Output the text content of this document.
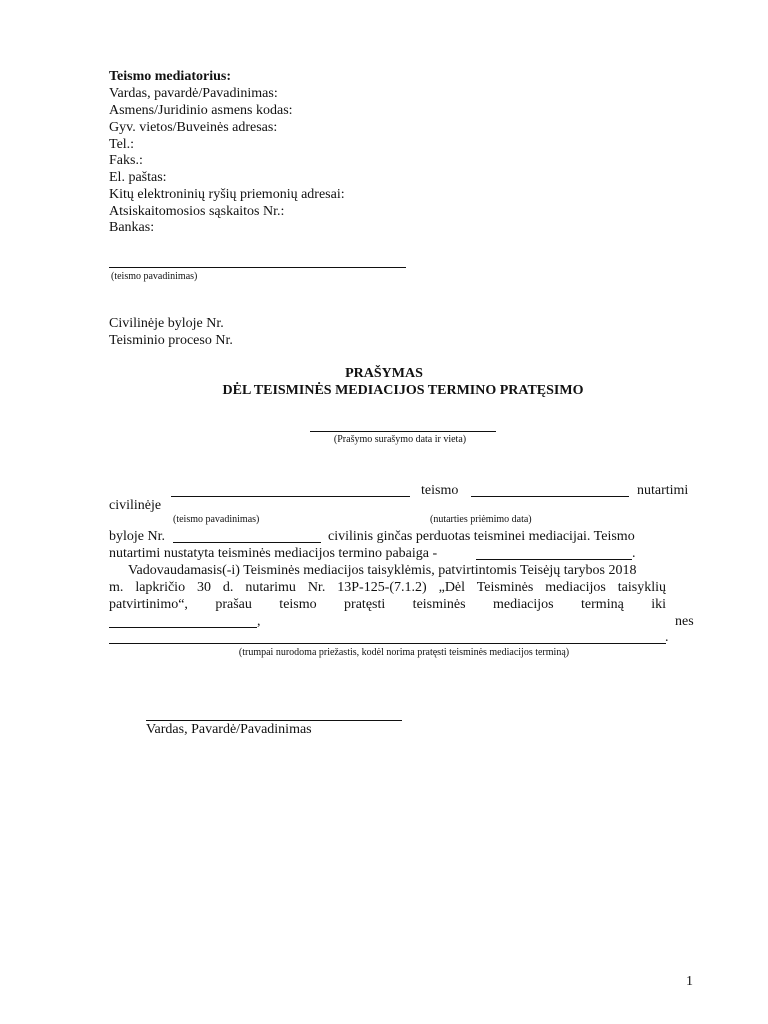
Teismo mediatorius:
Vardas, pavardė/Pavadinimas:
Asmens/Juridinio asmens kodas:
Gyv. vietos/Buveinės adresas:
Tel.:
Faks.:
El. paštas:
Kitų elektroninių ryšių priemonių adresai:
Atsiskaitomosios sąskaitos Nr.:
Bankas:
(teismo pavadinimas)
Civilinėje byloje Nr.
Teisminio proceso Nr.
PRAŠYMAS
DĖL TEISMINĖS MEDIACIJOS TERMINO PRATĘSIMO
(Prašymo surašymo data ir vieta)
teismo	nutartimi
civilinėje
(teismo pavadinimas)	(nutarties priėmimo data)
byloje Nr.	civilinis ginčas perduotas teisminei mediacijai. Teismo
nutartimi nustatyta teisminės mediacijos termino pabaiga -	.
Vadovaudamasis(-i) Teisminės mediacijos taisyklėmis, patvirtintomis Teisėjų tarybos 2018
m. lapkričio 30 d. nutarimu Nr. 13P-125-(7.1.2) „Dėl Teisminės mediacijos taisyklių
patvirtinimo“, prašau teismo pratęsti teisminės mediacijos terminą iki
,	nes
.
(trumpai nurodoma priežastis, kodėl norima pratęsti teisminės mediacijos terminą)
Vardas, Pavardė/Pavadinimas
1
